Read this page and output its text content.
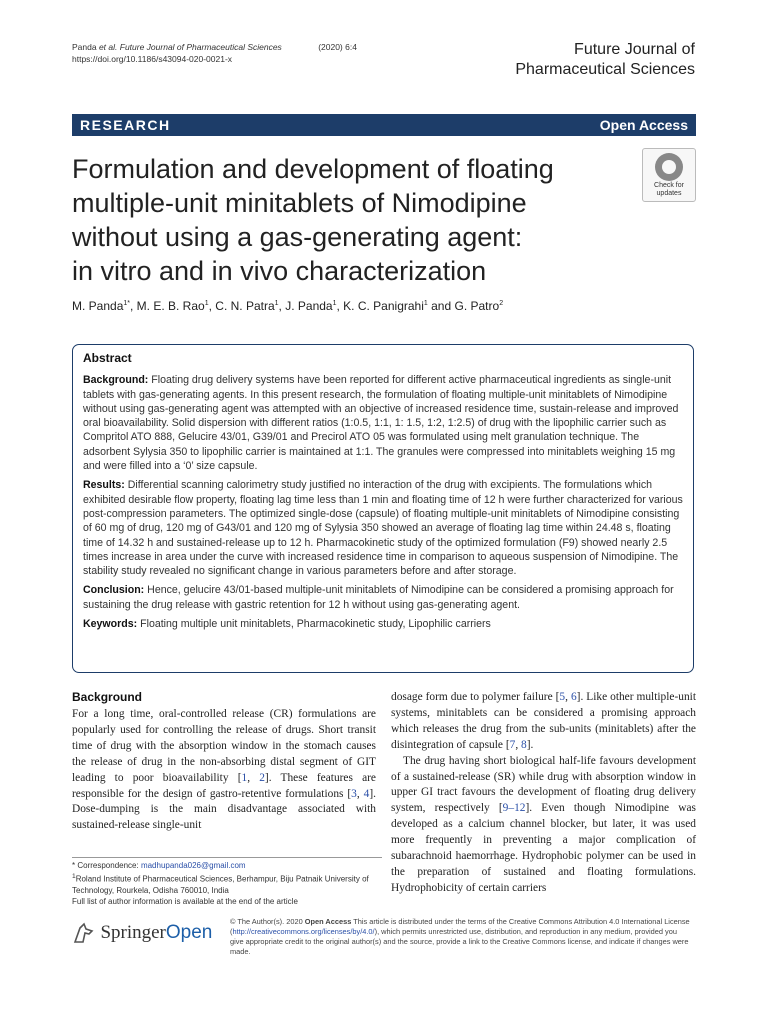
Panda et al. Future Journal of Pharmaceutical Sciences	(2020) 6:4
https://doi.org/10.1186/s43094-020-0021-x
Future Journal of
Pharmaceutical Sciences
RESEARCH	Open Access
Formulation and development of floating
multiple-unit minitablets of Nimodipine
without using a gas-generating agent:
in vitro and in vivo characterization
Check for
updates
M. Panda$^{1*}$, M. E. B. Rao$^1$, C. N. Patra$^1$, J. Panda$^1$, K. C. Panigrahi$^1$ and G. Patro$^2$
Abstract

Background: Floating drug delivery systems have been reported for different active pharmaceutical ingredients as single-unit tablets with gas-generating agents. In this present research, the formulation of floating multiple-unit minitablets of Nimodipine without using gas-generating agent was attempted with an objective of increased residence time, sustain-release and improved oral bioavailability. Solid dispersion with different ratios (1:0.5, 1:1, 1: 1.5, 1:2, 1:2.5) of drug with the lipophilic carrier such as Compritol ATO 888, Gelucire 43/01, G39/01 and Precirol ATO 05 was formulated using melt granulation technique. The adsorbent Sylysia 350 to lipophilic carrier is maintained at 1:1. The granules were compressed into minitablets weighing 15 mg and were filled into a ‘0’ size capsule.

Results: Differential scanning calorimetry study justified no interaction of the drug with excipients. The formulations which exhibited desirable flow property, floating lag time less than 1 min and floating time of 12 h were further characterized for various post-compression parameters. The optimized single-dose (capsule) of floating multiple-unit minitablets of Nimodipine consisting of 60 mg of drug, 120 mg of G43/01 and 120 mg of Sylysia 350 showed an average of floating lag time within 24.48 s, floating time of 14.32 h and sustained-release up to 12 h. Pharmacokinetic study of the optimized formulation (F9) showed nearly 2.5 times increase in area under the curve with increased residence time in comparison to aqueous suspension of Nimodipine. The stability study revealed no significant change in various parameters before and after storage.

Conclusion: Hence, gelucire 43/01-based multiple-unit minitablets of Nimodipine can be considered a promising approach for sustaining the drug release with gastric retention for 12 h without using gas-generating agent.

Keywords: Floating multiple unit minitablets, Pharmacokinetic study, Lipophilic carriers

Background

For a long time, oral-controlled release (CR) formulations are popularly used for controlling the release of drugs. Short transit time of drug with the absorption window in the stomach causes the release of drug in the non-absorbing distal segment of GIT leading to poor bioavailability [1, 2]. These features are responsible for the design of gastro-retentive formulations [3, 4]. Dose-dumping is the main disadvantage associated with sustained-release single-unit

dosage form due to polymer failure [5, 6]. Like other multiple-unit systems, minitablets can be considered a promising approach which releases the drug from the sub-units (minitablets) after the disintegration of capsule [7, 8].

The drug having short biological half-life favours development of a sustained-release (SR) while drug with absorption window in upper GI tract favours the development of floating drug delivery system, respectively [9–12]. Even though Nimodipine was developed as a calcium channel blocker, but later, it was used more frequently in preventing a major complication of subarachnoid haemorrhage. Hydrophobic polymer can be used in the preparation of sustained and floating formulations. Hydrophobicity of certain carriers

* Correspondence: madhupanda026@gmail.com
$^1$Roland Institute of Pharmaceutical Sciences, Berhampur, Biju Patnaik University of Technology, Rourkela, Odisha 760010, India
Full list of author information is available at the end of the article
SpringerOpen
© The Author(s). 2020 Open Access This article is distributed under the terms of the Creative Commons Attribution 4.0 International License (http://creativecommons.org/licenses/by/4.0/), which permits unrestricted use, distribution, and reproduction in any medium, provided you give appropriate credit to the original author(s) and the source, provide a link to the Creative Commons license, and indicate if changes were made.
